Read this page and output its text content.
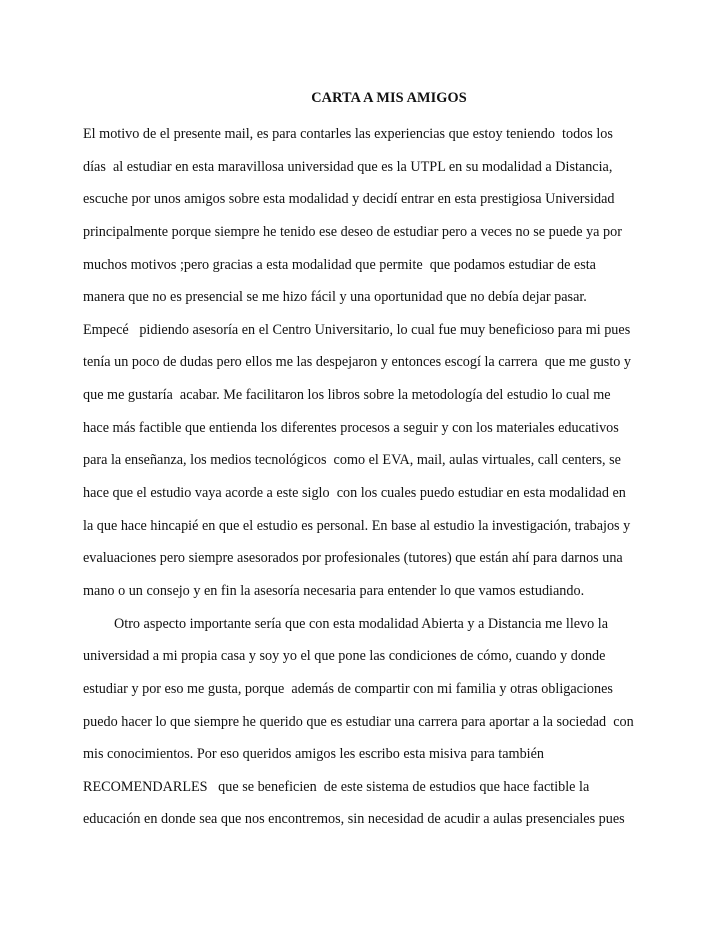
CARTA A MIS AMIGOS
El motivo de el presente mail, es para contarles las experiencias que estoy teniendo  todos los
días  al estudiar en esta maravillosa universidad que es la UTPL en su modalidad a Distancia,
escuche por unos amigos sobre esta modalidad y decidí entrar en esta prestigiosa Universidad
principalmente porque siempre he tenido ese deseo de estudiar pero a veces no se puede ya por
muchos motivos ;pero gracias a esta modalidad que permite  que podamos estudiar de esta
manera que no es presencial se me hizo fácil y una oportunidad que no debía dejar pasar.
Empecé   pidiendo asesoría en el Centro Universitario, lo cual fue muy beneficioso para mi pues
tenía un poco de dudas pero ellos me las despejaron y entonces escogí la carrera  que me gusto y
que me gustaría  acabar. Me facilitaron los libros sobre la metodología del estudio lo cual me
hace más factible que entienda los diferentes procesos a seguir y con los materiales educativos
para la enseñanza, los medios tecnológicos  como el EVA, mail, aulas virtuales, call centers, se
hace que el estudio vaya acorde a este siglo  con los cuales puedo estudiar en esta modalidad en
la que hace hincapié en que el estudio es personal. En base al estudio la investigación, trabajos y
evaluaciones pero siempre asesorados por profesionales (tutores) que están ahí para darnos una
mano o un consejo y en fin la asesoría necesaria para entender lo que vamos estudiando.
Otro aspecto importante sería que con esta modalidad Abierta y a Distancia me llevo la
universidad a mi propia casa y soy yo el que pone las condiciones de cómo, cuando y donde
estudiar y por eso me gusta, porque  además de compartir con mi familia y otras obligaciones
puedo hacer lo que siempre he querido que es estudiar una carrera para aportar a la sociedad  con
mis conocimientos. Por eso queridos amigos les escribo esta misiva para también
RECOMENDARLES   que se beneficien  de este sistema de estudios que hace factible la
educación en donde sea que nos encontremos, sin necesidad de acudir a aulas presenciales pues
